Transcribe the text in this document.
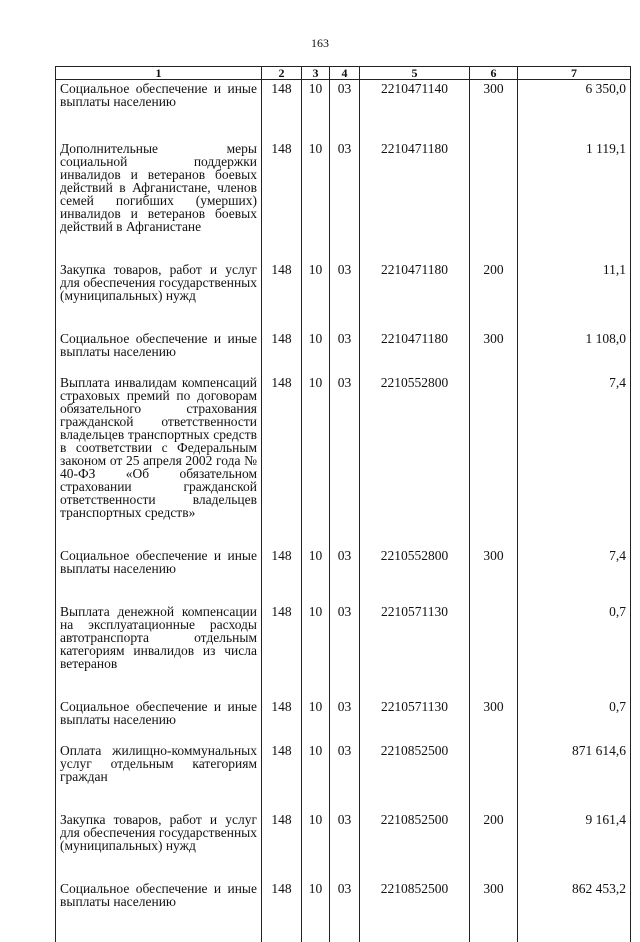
163
1	2	3	4	5	6	7
Социальное обеспечение и иные выплаты населению	148	10	03	2210471140	300	6 350,0
Дополнительные меры социальной поддержки инвалидов и ветеранов боевых действий в Афганистане, членов семей погибших (умерших) инвалидов и ветеранов боевых действий в Афганистане	148	10	03	2210471180		1 119,1
Закупка товаров, работ и услуг для обеспечения государственных (муниципальных) нужд	148	10	03	2210471180	200	11,1
Социальное обеспечение и иные выплаты населению	148	10	03	2210471180	300	1 108,0
Выплата инвалидам компенсаций страховых премий по договорам обязательного страхования гражданской ответственности владельцев транспортных средств в соответствии с Федеральным законом от 25 апреля 2002 года № 40-ФЗ «Об обязательном страховании гражданской ответственности владельцев транспортных средств»	148	10	03	2210552800		7,4
Социальное обеспечение и иные выплаты населению	148	10	03	2210552800	300	7,4
Выплата денежной компенсации на эксплуатационные расходы автотранспорта отдельным категориям инвалидов из числа ветеранов	148	10	03	2210571130		0,7
Социальное обеспечение и иные выплаты населению	148	10	03	2210571130	300	0,7
Оплата жилищно-коммунальных услуг отдельным категориям граждан	148	10	03	2210852500		871 614,6
Закупка товаров, работ и услуг для обеспечения государственных (муниципальных) нужд	148	10	03	2210852500	200	9 161,4
Социальное обеспечение и иные выплаты населению	148	10	03	2210852500	300	862 453,2
